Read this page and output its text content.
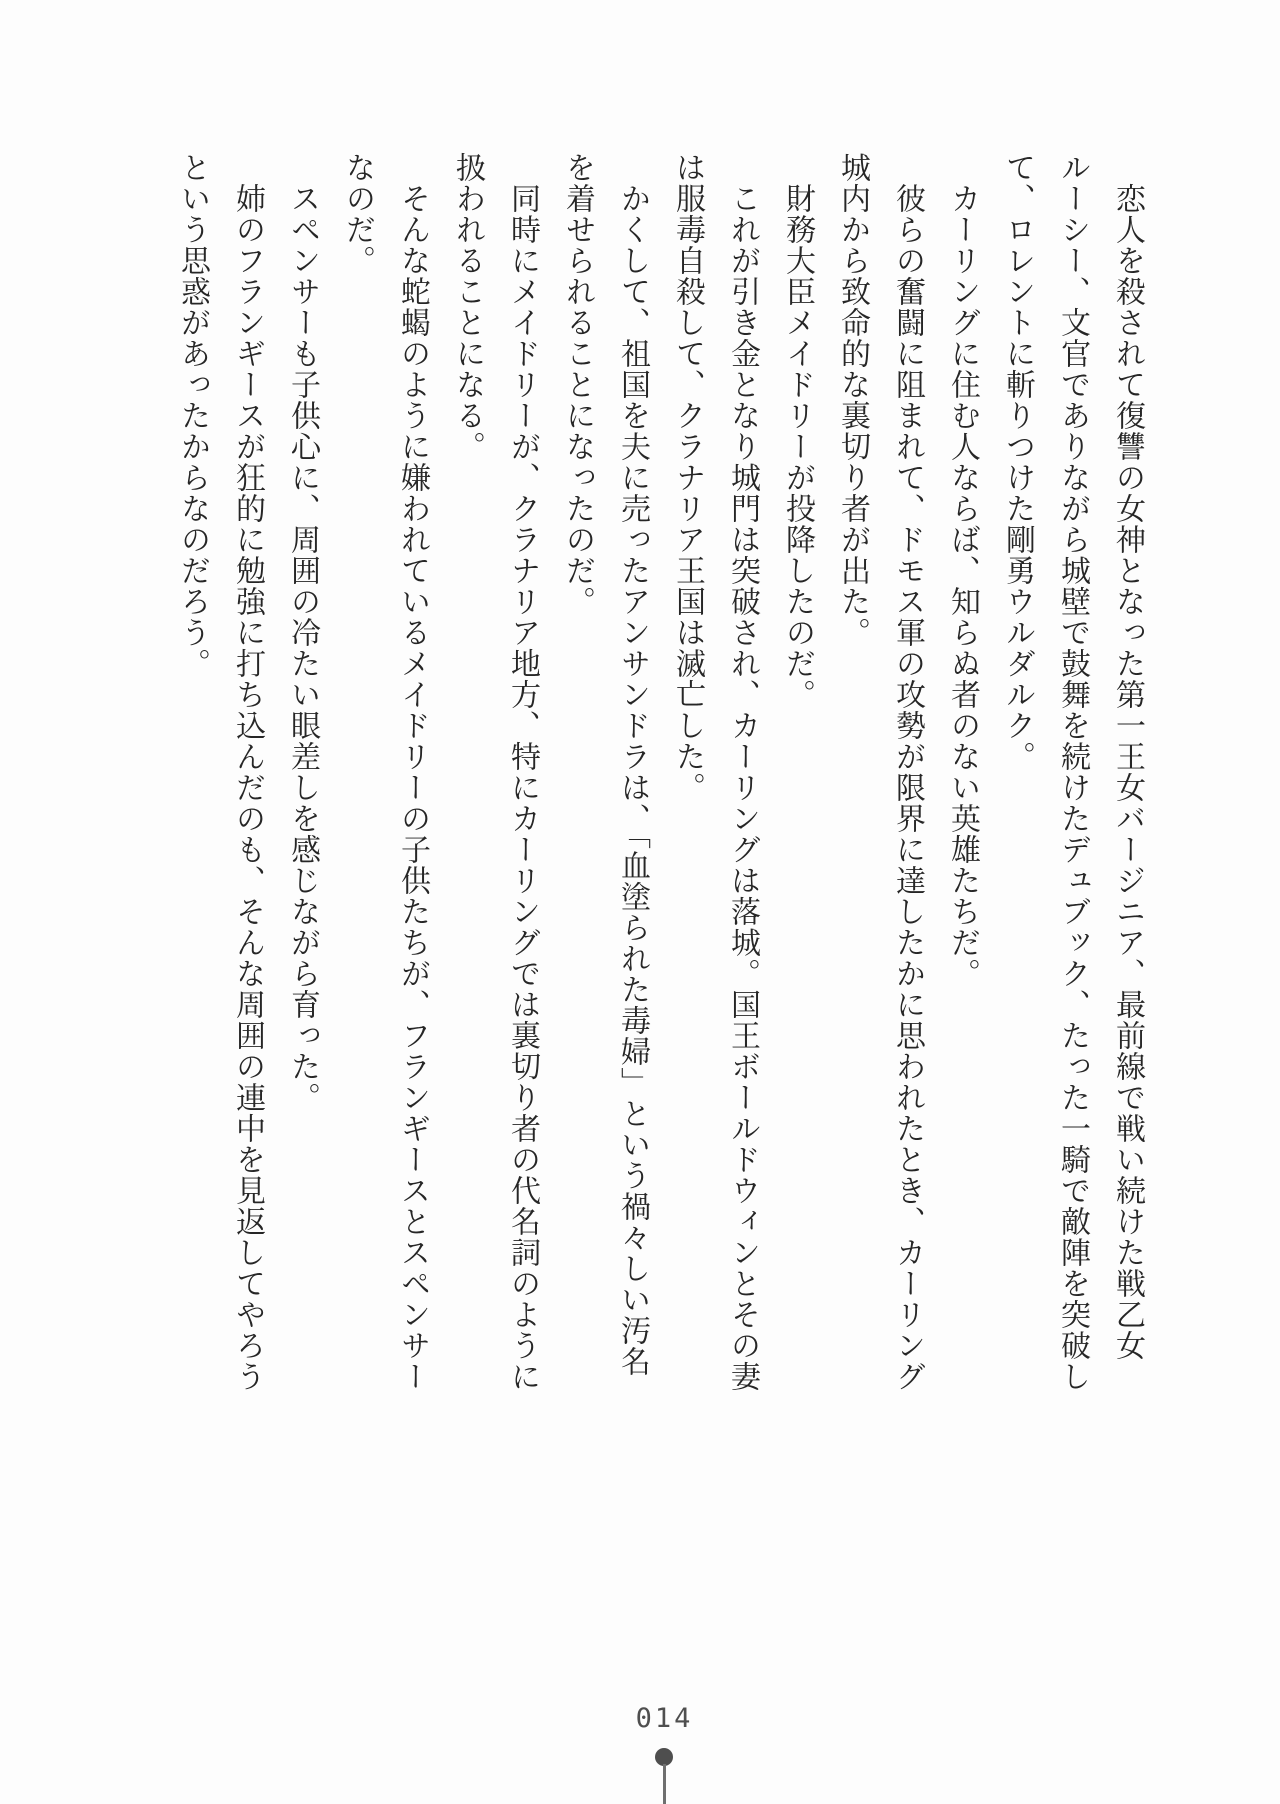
恋人を殺されて復讐の女神となった第一王女バージニア、最前線で戦い続けた戦乙女ルーシー、文官でありながら城壁で鼓舞を続けたデュブック、たった一騎で敵陣を突破して、ロレントに斬りつけた剛勇ウルダルク。

カーリングに住む人ならば、知らぬ者のない英雄たちだ。

彼らの奮闘に阻まれて、ドモス軍の攻勢が限界に達したかに思われたとき、カーリング城内から致命的な裏切り者が出た。

財務大臣メイドリーが投降したのだ。

これが引き金となり城門は突破され、カーリングは落城。国王ボールドウィンとその妻は服毒自殺して、クラナリア王国は滅亡した。

かくして、祖国を夫に売ったアンサンドラは、「血塗られた毒婦」という禍々しい汚名を着せられることになったのだ。

同時にメイドリーが、クラナリア地方、特にカーリングでは裏切り者の代名詞のように扱われることになる。

そんな蛇蝎のように嫌われているメイドリーの子供たちが、フランギースとスペンサーなのだ。

スペンサーも子供心に、周囲の冷たい眼差しを感じながら育った。

姉のフランギースが狂的に勉強に打ち込んだのも、そんな周囲の連中を見返してやろうという思惑があったからなのだろう。

014
